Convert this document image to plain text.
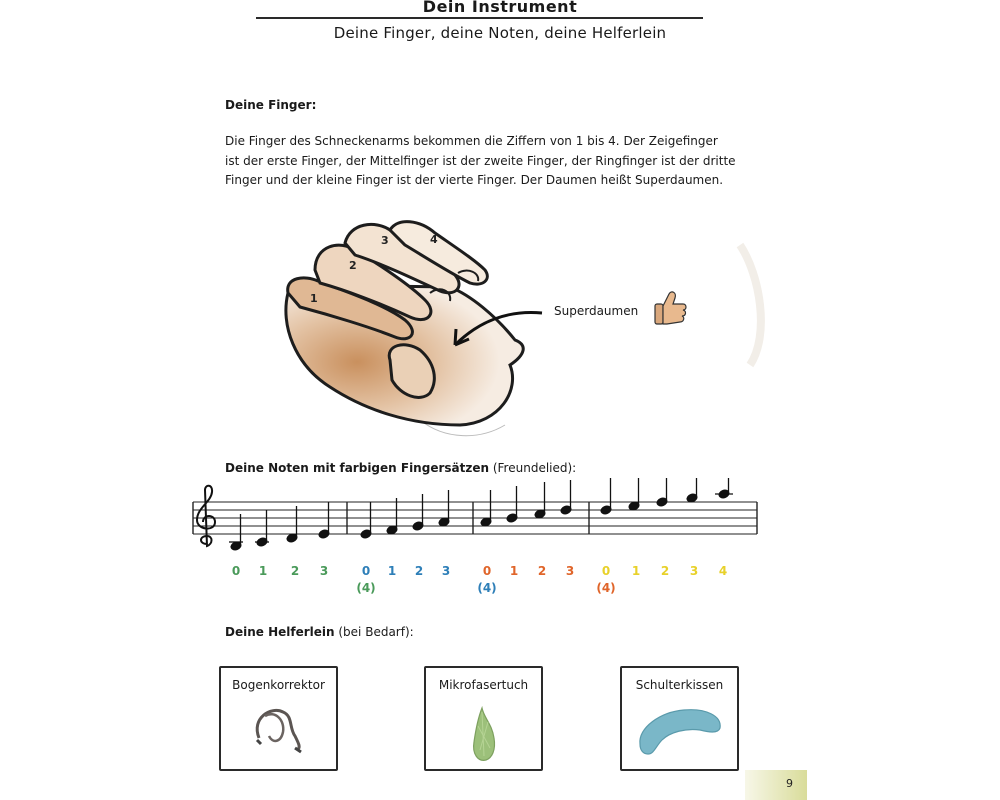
Dein Instrument
Deine Finger, deine Noten, deine Helferlein
Deine Finger:

Die Finger des Schneckenarms bekommen die Ziffern von 1 bis 4. Der Zeigefinger

ist der erste Finger, der Mittelfinger ist der zweite Finger, der Ringfinger ist der dritte

Finger und der kleine Finger ist der vierte Finger. Der Daumen heißt Superdaumen.

1
2
3	4
Superdaumen
Deine Noten mit farbigen Fingersätzen (Freundelied):
0	1	2	3	0	1	2	3	0	1	2	3	0	1	2	3	4
(4)	(4)	(4)
Deine Helferlein (bei Bedarf):
Bogenkorrektor	Mikrofasertuch	Schulterkissen
9
